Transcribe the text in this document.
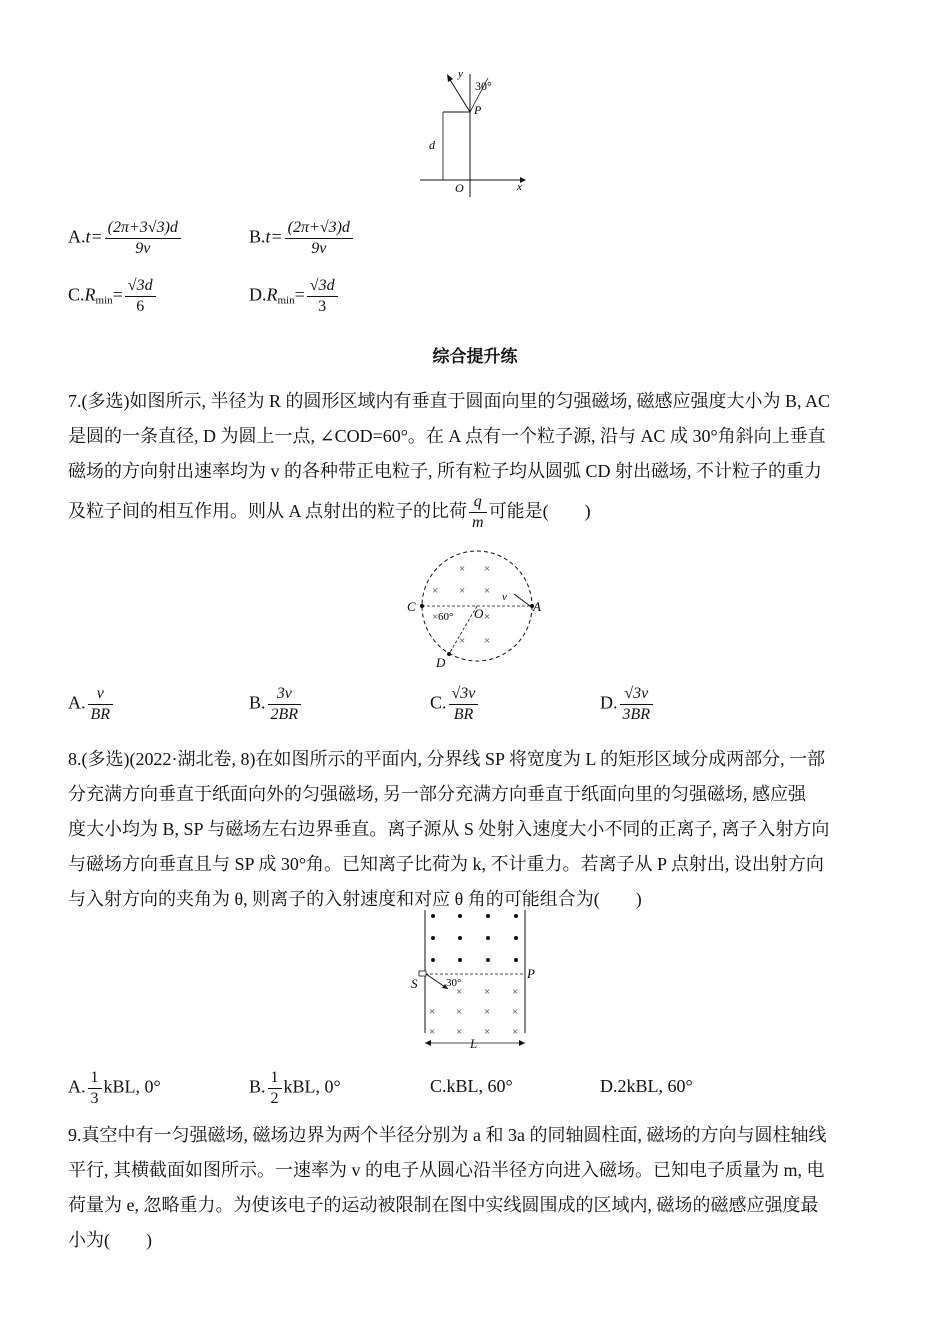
y
30°
P
d
O	x
$A.t= \frac{(2\pi+3√3)d}{9v}$	$B.t= \frac{(2\pi+√3)d}{9v}$
$C.R_{min}= \frac{√3d}{6}$	$D.R_{min}= \frac{√3d}{3}$
综合提升练
7.(多选)如图所示, 半径为 R 的圆形区域内有垂直于圆面向里的匀强磁场, 磁感应强度大小为 B, AC
是圆的一条直径, D 为圆上一点, ∠COD=60°。在 A 点有一个粒子源, 沿与 AC 成 30°角斜向上垂直
磁场的方向射出速率均为 v 的各种带正电粒子, 所有粒子均从圆弧 CD 射出磁场, 不计粒子的重力
及粒子间的相互作用。则从 A 点射出的粒子的比荷 $\frac{q}{m}$ 可能是(　　)
× ×
× × ×
×	×
× ×
C	A
O
60°
v
D
A. $\frac{v}{BR}$	B. $\frac{3v}{2BR}$	C. $\frac{√3v}{BR}$	D. $\frac{√3v}{3BR}$
8.(多选)(2022·湖北卷, 8)在如图所示的平面内, 分界线 SP 将宽度为 L 的矩形区域分成两部分, 一部
分充满方向垂直于纸面向外的匀强磁场, 另一部分充满方向垂直于纸面向里的匀强磁场, 感应强
度大小均为 B, SP 与磁场左右边界垂直。离子源从 S 处射入速度大小不同的正离子, 离子入射方向
与磁场方向垂直且与 SP 成 30°角。已知离子比荷为 k, 不计重力。若离子从 P 点射出, 设出射方向
与入射方向的夹角为 θ, 则离子的入射速度和对应 θ 角的可能组合为(　　)
× × ×
× × × ×
× × × ×
S
P
30°
L
A. $\frac{1}{3}$ kBL, 0°	B. $\frac{1}{2}$ kBL, 0°	C.kBL, 60°	D.2kBL, 60°
9.真空中有一匀强磁场, 磁场边界为两个半径分别为 a 和 3a 的同轴圆柱面, 磁场的方向与圆柱轴线
平行, 其横截面如图所示。一速率为 v 的电子从圆心沿半径方向进入磁场。已知电子质量为 m, 电
荷量为 e, 忽略重力。为使该电子的运动被限制在图中实线圆围成的区域内, 磁场的磁感应强度最
小为(　　)
